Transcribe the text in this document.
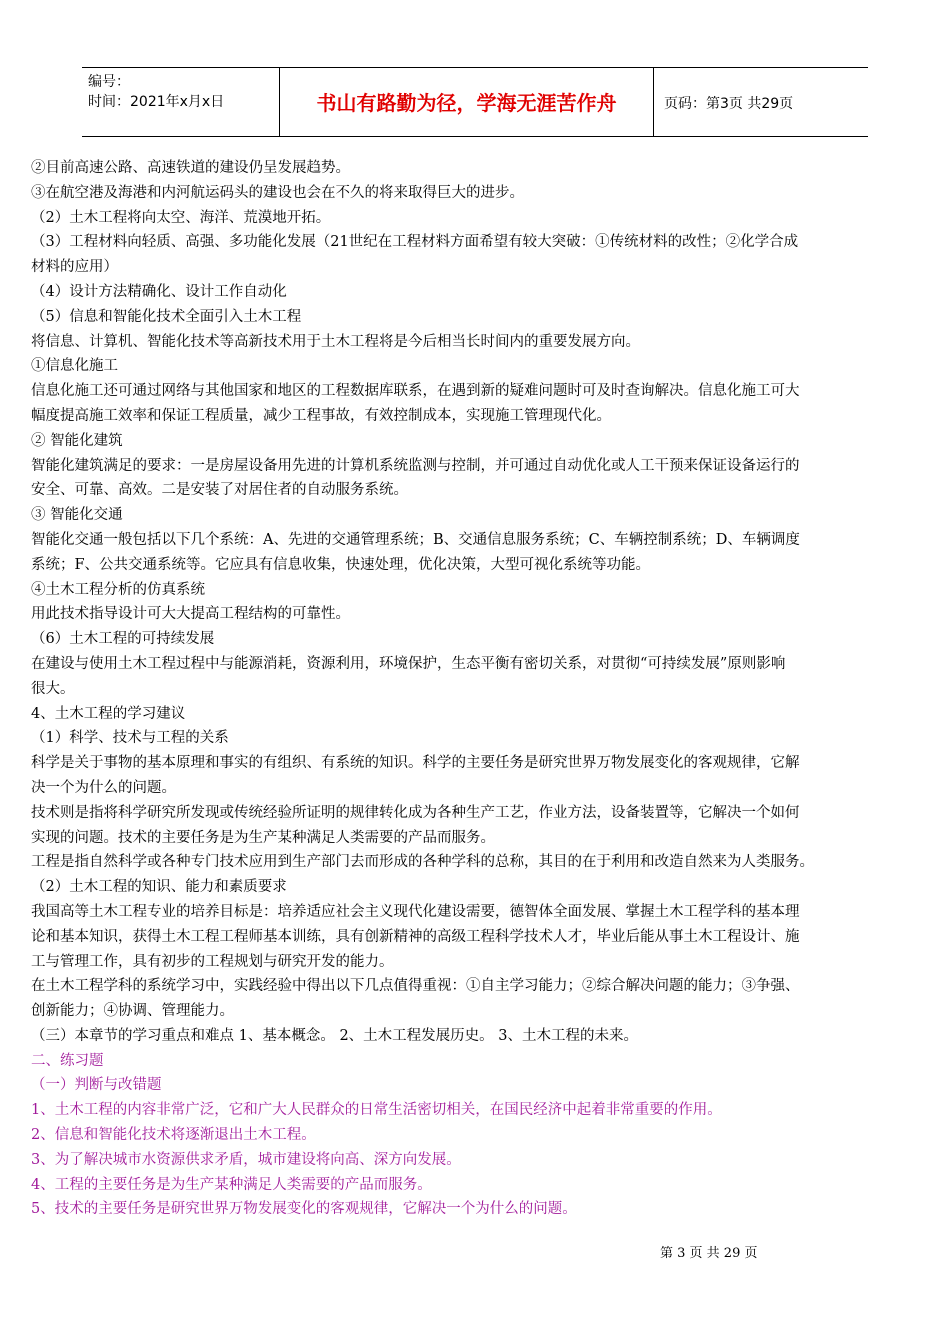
编号：
时间：2021年x月x日	书山有路勤为径，学海无涯苦作舟	页码：第3页 共29页
②目前高速公路、高速铁道的建设仍呈发展趋势。
③在航空港及海港和内河航运码头的建设也会在不久的将来取得巨大的进步。
（2）土木工程将向太空、海洋、荒漠地开拓。
（3）工程材料向轻质、高强、多功能化发展（21世纪在工程材料方面希望有较大突破：①传统材料的改性；②化学合成
材料的应用）
（4）设计方法精确化、设计工作自动化
（5）信息和智能化技术全面引入土木工程
将信息、计算机、智能化技术等高新技术用于土木工程将是今后相当长时间内的重要发展方向。
①信息化施工
信息化施工还可通过网络与其他国家和地区的工程数据库联系，在遇到新的疑难问题时可及时查询解决。信息化施工可大
幅度提高施工效率和保证工程质量，减少工程事故，有效控制成本，实现施工管理现代化。
② 智能化建筑
智能化建筑满足的要求：一是房屋设备用先进的计算机系统监测与控制，并可通过自动优化或人工干预来保证设备运行的
安全、可靠、高效。二是安装了对居住者的自动服务系统。
③ 智能化交通
智能化交通一般包括以下几个系统：A、先进的交通管理系统；B、交通信息服务系统；C、车辆控制系统；D、车辆调度
系统；F、公共交通系统等。它应具有信息收集，快速处理，优化决策，大型可视化系统等功能。
④土木工程分析的仿真系统
用此技术指导设计可大大提高工程结构的可靠性。
（6）土木工程的可持续发展
在建设与使用土木工程过程中与能源消耗，资源利用，环境保护，生态平衡有密切关系，对贯彻“可持续发展”原则影响
很大。
4、土木工程的学习建议
（1）科学、技术与工程的关系
科学是关于事物的基本原理和事实的有组织、有系统的知识。科学的主要任务是研究世界万物发展变化的客观规律，它解
决一个为什么的问题。
技术则是指将科学研究所发现或传统经验所证明的规律转化成为各种生产工艺，作业方法，设备装置等，它解决一个如何
实现的问题。技术的主要任务是为生产某种满足人类需要的产品而服务。
工程是指自然科学或各种专门技术应用到生产部门去而形成的各种学科的总称，其目的在于利用和改造自然来为人类服务。
（2）土木工程的知识、能力和素质要求
我国高等土木工程专业的培养目标是：培养适应社会主义现代化建设需要，德智体全面发展、掌握土木工程学科的基本理
论和基本知识，获得土木工程工程师基本训练，具有创新精神的高级工程科学技术人才，毕业后能从事土木工程设计、施
工与管理工作，具有初步的工程规划与研究开发的能力。
在土木工程学科的系统学习中，实践经验中得出以下几点值得重视：①自主学习能力；②综合解决问题的能力；③争强、
创新能力；④协调、管理能力。
（三）本章节的学习重点和难点 1、基本概念。 2、土木工程发展历史。 3、土木工程的未来。
二、练习题
（一）判断与改错题
1、土木工程的内容非常广泛，它和广大人民群众的日常生活密切相关，在国民经济中起着非常重要的作用。
2、信息和智能化技术将逐渐退出土木工程。
3、为了解决城市水资源供求矛盾，城市建设将向高、深方向发展。
4、工程的主要任务是为生产某种满足人类需要的产品而服务。
5、技术的主要任务是研究世界万物发展变化的客观规律，它解决一个为什么的问题。
第 3 页 共 29 页
